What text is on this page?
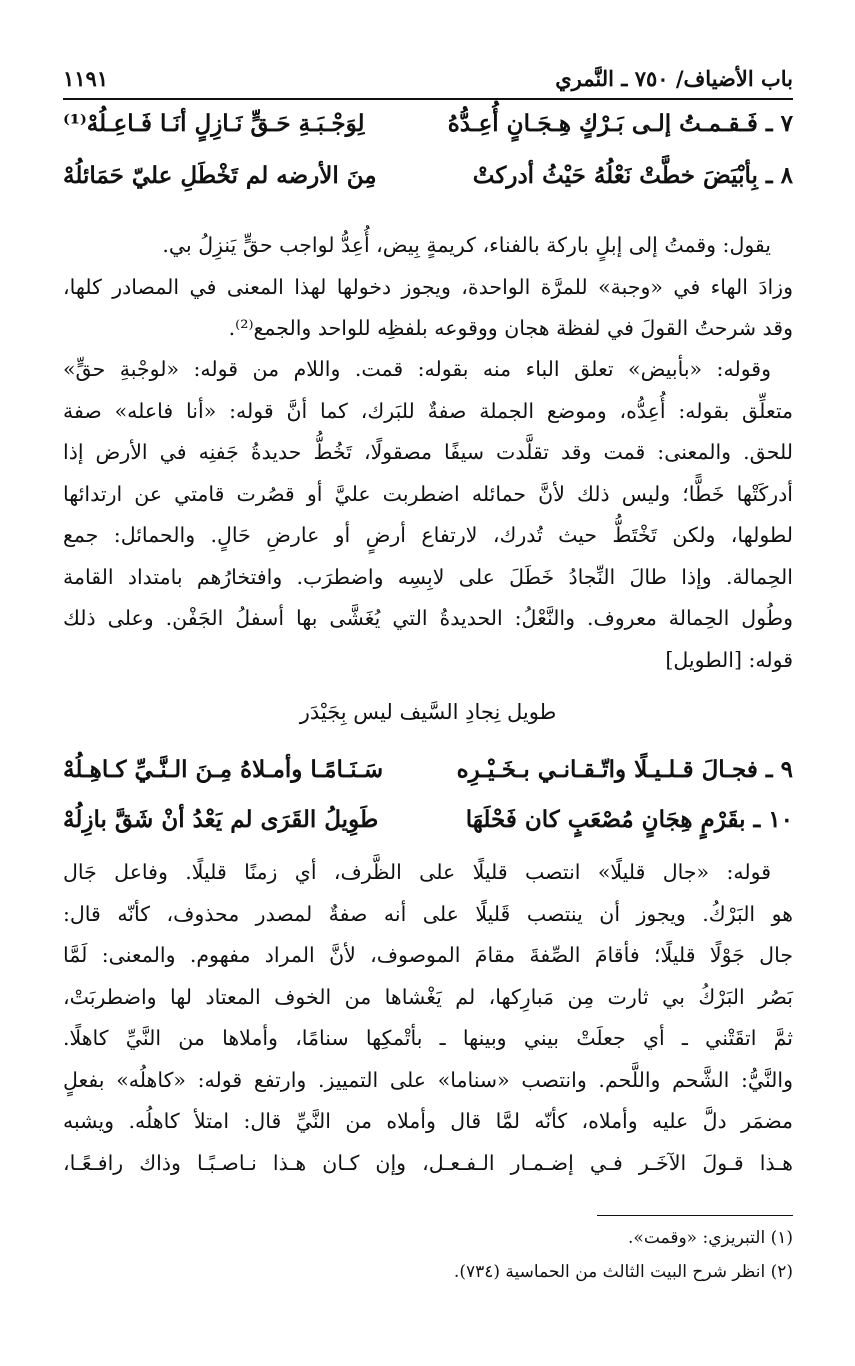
باب الأضياف/ ٧٥٠ ـ النَّمري
١١٩١
٧ ـ فَـقـمـتُ إلـى بَـرْكٍ هِـجَـانٍ أُعِـدُّهُ
لِوَجْـبَـةِ حَـقٍّ نَـازِلٍ أنَـا فَـاعِـلُهْ⁽¹⁾
٨ ـ بِأبْيَضَ خطَّتْ نَعْلُهُ حَيْثُ أدركتْ
مِنَ الأرضه لم تَخْطَلِ عليّ حَمَائلُهْ
يقول: وقمتُ إلى إبلٍ باركة بالفناء، كريمةٍ بِيض، أُعِدُّ لواجب حقٍّ يَنزِلُ بي.
وزادَ الهاء في «وجبة» للمرَّة الواحدة، ويجوز دخولها لهذا المعنى في المصادر كلها،
وقد شرحتُ القولَ في لفظة هجان ووقوعه بلفظِه للواحد والجمع⁽²⁾.
وقوله: «بأبيض» تعلق الباء منه بقوله: قمت. واللام من قوله: «لوجْبةِ حقٍّ»
متعلِّق بقوله: أُعِدُّه، وموضع الجملة صفةٌ للبَرك، كما أنَّ قوله: «أنا فاعله» صفة
للحق. والمعنى: قمت وقد تقلَّدت سيفًا مصقولًا، تَخُطُّ حديدةُ جَفنِه في الأرض إذا
أدركَتْها خَطًّا؛ وليس ذلك لأنَّ حمائله اضطربت عليَّ أو قصُرت قامتي عن ارتدائها
لطولها، ولكن تَخْتَطُّ حيث تُدرك، لارتفاع أرضٍ أو عارضِ حَالٍ. والحمائل: جمع
الحِمالة. وإذا طالَ النِّجادُ خَطَلَ على لابِسِه واضطرَب. وافتخارُهم بامتداد القامة
وطُول الحِمالة معروف. والنَّعْلُ: الحديدةُ التي يُغَشَّى بها أسفلُ الجَفْن. وعلى ذلك
قوله: [الطويل]
طويل نِجادِ السَّيف ليس بِجَيْدَر
٩ ـ فجـالَ قـلـيـلًا واتّـقـانـي بـخَـيْـرِه
سَـنَـامًـا وأمـلاهُ مِـنَ الـنَّـيِّ كـاهِـلُهْ
١٠ ـ بقَرْمٍ هِجَانٍ مُصْعَبٍ كان فَحْلَهَا
طَوِيلُ القَرَى لم يَعْدُ أنْ شَقَّ بازِلُهْ
قوله: «جال قليلًا» انتصب قليلًا على الظَّرف، أي زمنًا قليلًا. وفاعل جَال
هو البَرْكُ. ويجوز أن ينتصب قَليلًا على أنه صفةٌ لمصدر محذوف، كأنّه قال:
جال جَوْلًا قليلًا؛ فأقامَ الصِّفةَ مقامَ الموصوف، لأنَّ المراد مفهوم. والمعنى: لَمَّا
بَصُر البَرْكُ بي ثارت مِن مَبارِكها، لم يَغْشاها من الخوف المعتاد لها واضطربَتْ،
ثمَّ اتقَتْني ـ أي جعلَتْ بيني وبينها ـ بأتْمكِها سنامًا، وأملاها من النَّيِّ كاهلًا.
والنَّيُّ: الشَّحم واللَّحم. وانتصب «سناما» على التمييز. وارتفع قوله: «كاهلُه» بفعلٍ
مضمَر دلَّ عليه وأملاه، كأنّه لمَّا قال وأملاه من النَّيِّ قال: امتلأ كاهلُه. ويشبه
هـذا قـولَ الآخَـر فـي إضـمـار الـفـعـل، وإن كـان هـذا نـاصـبًـا وذاك رافـعًـا،
(١) التبريزي: «وقمت».
(٢) انظر شرح البيت الثالث من الحماسية (٧٣٤).
